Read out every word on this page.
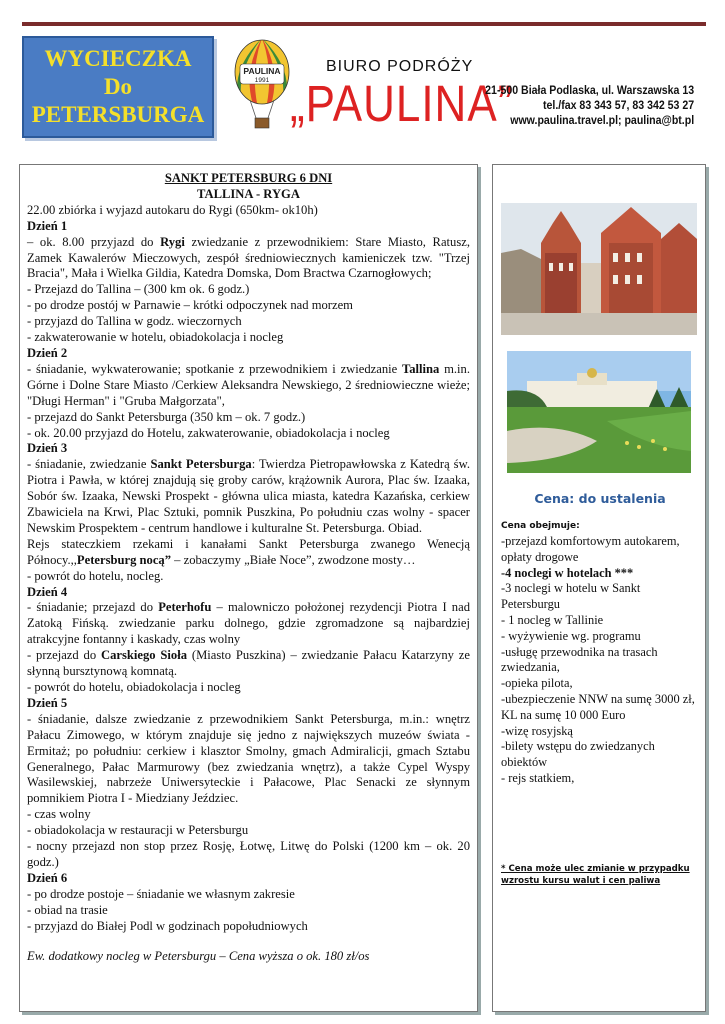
WYCIECZKA
Do
PETERSBURGA
PAULINA
1991
BIURO PODRÓŻY
„PAULINA”
21-500 Biała Podlaska, ul. Warszawska 13
tel./fax 83 343 57, 83 342 53 27
www.paulina.travel.pl; paulina@bt.pl
SANKT PETERSBURG 6 DNI
TALLINA - RYGA

22.00 zbiórka i wyjazd autokaru do Rygi (650km- ok10h)

Dzień 1

– ok. 8.00 przyjazd do Rygi zwiedzanie z przewodnikiem: Stare Miasto, Ratusz, Zamek Kawalerów Mieczowych, zespół średniowiecznych kamieniczek tzw. "Trzej Bracia", Mała i Wielka Gildia, Katedra Domska, Dom Bractwa Czarnogłowych;

- Przejazd do Tallina – (300 km ok. 6 godz.)

- po drodze postój w Parnawie – krótki odpoczynek nad morzem

- przyjazd do Tallina w godz. wieczornych

- zakwaterowanie w hotelu, obiadokolacja i nocleg

Dzień 2

- śniadanie, wykwaterowanie; spotkanie z przewodnikiem i zwiedzanie Tallina m.in. Górne i Dolne Stare Miasto /Cerkiew Aleksandra Newskiego, 2 średniowieczne wieże; "Długi Herman" i "Gruba Małgorzata",

- przejazd do Sankt Petersburga (350 km – ok. 7 godz.)

- ok. 20.00 przyjazd do Hotelu, zakwaterowanie, obiadokolacja i nocleg

Dzień 3

- śniadanie, zwiedzanie Sankt Petersburga: Twierdza Pietropawłowska z Katedrą św. Piotra i Pawła, w której znajdują się groby carów, krążownik Aurora, Plac św. Izaaka, Sobór św. Izaaka, Newski Prospekt - główna ulica miasta, katedra Kazańska, cerkiew Zbawiciela na Krwi, Plac Sztuki, pomnik Puszkina, Po południu czas wolny - spacer Newskim Prospektem - centrum handlowe i kulturalne St. Petersburga. Obiad.

Rejs stateczkiem rzekami i kanałami Sankt Petersburga zwanego Wenecją Północy.,,Petersburg nocą” – zobaczymy „Białe Noce”, zwodzone mosty…

- powrót do hotelu, nocleg.

Dzień 4

- śniadanie; przejazd do Peterhofu – malowniczo położonej rezydencji Piotra I nad Zatoką Fińską. zwiedzanie parku dolnego, gdzie zgromadzone są najbardziej atrakcyjne fontanny i kaskady, czas wolny

- przejazd do Carskiego Sioła (Miasto Puszkina) – zwiedzanie Pałacu Katarzyny ze słynną bursztynową komnatą.

- powrót do hotelu, obiadokolacja i nocleg

Dzień 5

- śniadanie, dalsze zwiedzanie z przewodnikiem Sankt Petersburga, m.in.: wnętrz Pałacu Zimowego, w którym znajduje się jedno z największych muzeów świata - Ermitaż; po południu: cerkiew i klasztor Smolny, gmach Admiralicji, gmach Sztabu Generalnego, Pałac Marmurowy (bez zwiedzania wnętrz), a także Cypel Wyspy Wasilewskiej, nabrzeże Uniwersyteckie i Pałacowe, Plac Senacki ze słynnym pomnikiem Piotra I - Miedziany Jeździec.

- czas wolny

- obiadokolacja w restauracji w Petersburgu

- nocny przejazd non stop przez Rosję, Łotwę, Litwę do Polski (1200 km – ok. 20 godz.)

Dzień 6

- po drodze postoje – śniadanie we własnym zakresie

- obiad na trasie

- przyjazd do Białej Podl w godzinach popołudniowych

Ew. dodatkowy nocleg w Petersburgu – Cena wyższa o ok. 180 zł/os

Cena: do ustalenia
Cena obejmuje:
-przejazd komfortowym autokarem, opłaty drogowe
-4 noclegi w hotelach ***
-3 noclegi w hotelu w Sankt Petersburgu
- 1 nocleg w Tallinie
- wyżywienie wg. programu
-usługę przewodnika na trasach zwiedzania,
-opieka pilota,
-ubezpieczenie NNW na sumę 3000 zł, KL na sumę 10 000 Euro
-wizę rosyjską
-bilety wstępu do zwiedzanych obiektów
- rejs statkiem,
* Cena może ulec zmianie w przypadku wzrostu kursu walut i cen paliwa
